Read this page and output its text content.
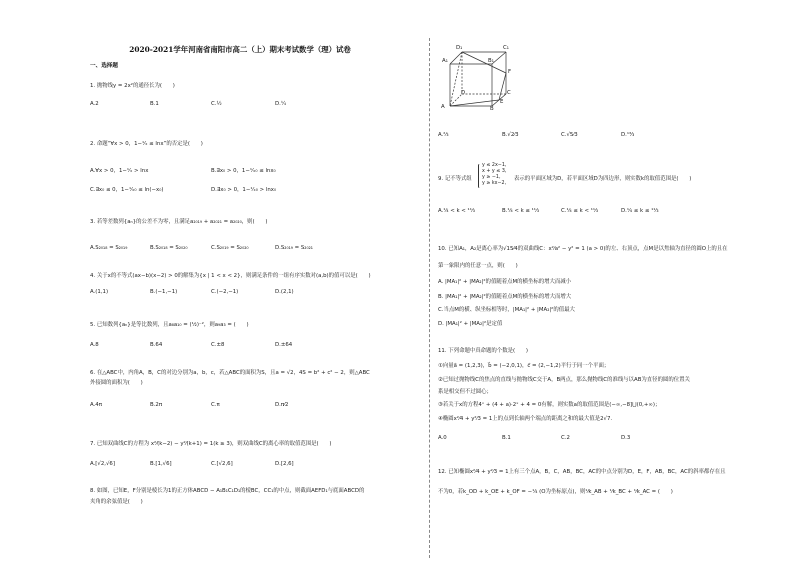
2020-2021学年河南省南阳市高二（上）期末考试数学（理）试卷
一、选择题
1. 抛物线y = 2x²的通径长为(　　)
A.2	B.1	C.½	D.¼
2. 命题“∀x > 0，1−¹⁄ₓ ≤ lnx”的否定是(　　)
A.∀x > 0，1−¹⁄ₓ > lnx	B.∃x₀ > 0，1−¹⁄ₓ₀ ≤ lnx₀
C.∃x₀ ≤ 0，1−¹⁄ₓ₀ ≤ ln(−x₀)	D.∃x₀ > 0，1−¹⁄ₓ₀ > lnx₀
3. 若等差数列{aₙ}的公差不为零，且满足a₂₀₁₉ + a₂₀₂₁ = a₂₀₂₀，则(　　)
A.S₂₀₁₈ = S₂₀₁₉	B.S₂₀₁₈ = S₂₀₂₀	C.S₂₀₁₉ = S₂₀₂₀	D.S₂₀₁₉ = S₂₀₂₁
4. 关于x的不等式(ax−b)(x−2) > 0的解集为{x | 1 < x < 2}，则满足条件的一组有序实数对(a,b)的值可以是(　　)
A.(1,1)	B.(−1,−1)	C.(−2,−1)	D.(2,1)
5. 已知数列{aₙ}是等比数列，且a₈a₁₀ = (¹⁄₂)⁻²，则a₉a₃ = (　　)
A.8	B.64	C.±8	D.±64
6. 在△ABC中，内角A，B，C的对边分别为a，b，c，若△ABC的面积为S，且a = √2，4S = b² + c² − 2，则△ABC
外接圆的面积为(　　)
A.4π	B.2π	C.π	D.π⁄2
7. 已知双曲线C的方程为 x²⁄(k−2) − y²⁄(k+1) = 1(k ≥ 3)，则双曲线C的离心率的取值范围是(　　)
A.[√2,√6]	B.[1,√6]	C.[√2,6]	D.[2,6]
8. 如图，已知E，F分别是棱长为1的正方体ABCD − A₁B₁C₁D₁的棱BC，CC₁的中点，则截面AEFD₁与底面ABCD的
夹角的余弦值是(　　)
D₁	C₁
A₁	B₁
F
D	C
A
E
B
A.²⁄₃	B.√2⁄3	C.√5⁄3	D.¹³⁄₃
9. 记不等式组
y ≤ 2x−1,
x + y ≤ 3,
y ≥ −1,
y ≥ kx−2,
表示的平面区域为D，若平面区域D为四边形，则实数k的取值范围是(　　)
A.¹⁄₄ < k < ¹¹⁄₃	B.¹⁄₄ < k ≤ ¹¹⁄₃	C.¹⁄₄ ≤ k < ¹¹⁄₃	D.¹⁄₄ ≤ k ≤ ¹¹⁄₃
10. 已知A₁，A₂是离心率为√15⁄4的双曲线C：x²⁄a² − y² = 1 (a > 0)的左、右顶点，点M是以焦轴为直径的圆O上的且在
第一象限内的任意一点，则(　　)
A. |MA₁|² + |MA₂|²的值随着点M的横坐标的增大而减小
B. |MA₁|² + |MA₂|²的值随着点M的横坐标的增大而增大
C.当点M的横、纵坐标相等时，|MA₁|² + |MA₂|²的值最大
D. |MA₁|² + |MA₂|²是定值
11. 下列命题中真命题的个数是(　　)
①向量a⃗ = (1,2,3)，b⃗ = (−2,0,1)，c⃗ = (2,−1,2)平行于同一个平面；
②已知过抛物线C的焦点的直线与抛物线C交于A，B两点，那么抛物线C的准线与以AB为直径的圆的位置关
系是相交但不过圆心；
③若关于x的方程4ˣ + (4 + a)·2ˣ + 4 = 0有解，则实数a的取值范围是(−∞,−8]⋃(0,+∞)；
④椭圆x²⁄4 + y²⁄3 = 1上的点到长轴两个端点的距离之和的最大值是2√7.
A.0	B.1	C.2	D.3
12. 已知椭圆x²⁄4 + y²⁄3 = 1上有三个点A，B，C，AB，BC，AC的中点分别为D，E，F，AB，BC，AC的斜率都存在且
不为0，若k_OD + k_OE + k_OF = −¹⁄₄ (O为坐标原点)，则¹⁄k_AB + ¹⁄k_BC + ¹⁄k_AC = (　　)
